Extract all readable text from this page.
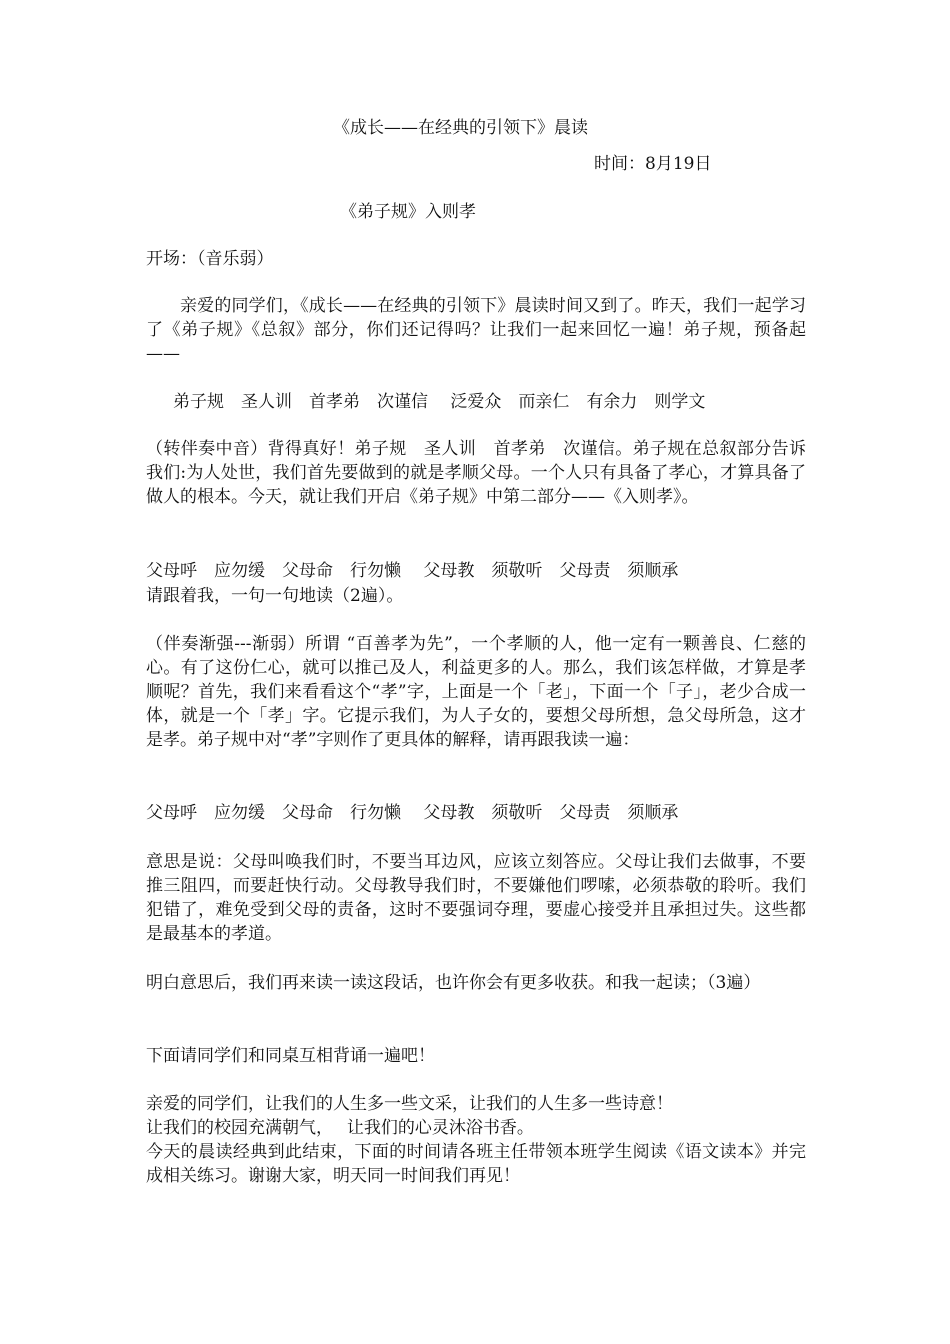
《成长——在经典的引领下》晨读
时间：8月19日
《弟子规》入则孝
开场：（音乐弱）
亲爱的同学们，《成长——在经典的引领下》晨读时间又到了。昨天，我们一起学习了《弟子规》《总叙》部分，你们还记得吗？让我们一起来回忆一遍！弟子规，预备起——
弟子规　圣人训　首孝弟　次谨信　 泛爱众　而亲仁　有余力　则学文
（转伴奏中音）背得真好！弟子规　圣人训　首孝弟　次谨信。弟子规在总叙部分告诉我们:为人处世，我们首先要做到的就是孝顺父母。一个人只有具备了孝心，才算具备了做人的根本。今天，就让我们开启《弟子规》中第二部分——《入则孝》。
父母呼　应勿缓　父母命　行勿懒　 父母教　须敬听　父母责　须顺承
请跟着我，一句一句地读（2遍）。
（伴奏渐强---渐弱）所谓 “百善孝为先”，一个孝顺的人，他一定有一颗善良、仁慈的心。有了这份仁心，就可以推己及人，利益更多的人。那么，我们该怎样做，才算是孝顺呢？首先，我们来看看这个“孝”字，上面是一个「老」，下面一个「子」，老少合成一体，就是一个「孝」字。它提示我们，为人子女的，要想父母所想，急父母所急，这才是孝。弟子规中对“孝”字则作了更具体的解释，请再跟我读一遍：
父母呼　应勿缓　父母命　行勿懒　 父母教　须敬听　父母责　须顺承
意思是说：父母叫唤我们时，不要当耳边风，应该立刻答应。父母让我们去做事，不要推三阻四，而要赶快行动。父母教导我们时，不要嫌他们啰嗦，必须恭敬的聆听。我们犯错了，难免受到父母的责备，这时不要强词夺理，要虚心接受并且承担过失。这些都是最基本的孝道。
明白意思后，我们再来读一读这段话，也许你会有更多收获。和我一起读；（3遍）
下面请同学们和同桌互相背诵一遍吧！
亲爱的同学们，让我们的人生多一些文采，让我们的人生多一些诗意！
让我们的校园充满朝气，　 让我们的心灵沐浴书香。
今天的晨读经典到此结束，下面的时间请各班主任带领本班学生阅读《语文读本》并完成相关练习。谢谢大家，明天同一时间我们再见！
